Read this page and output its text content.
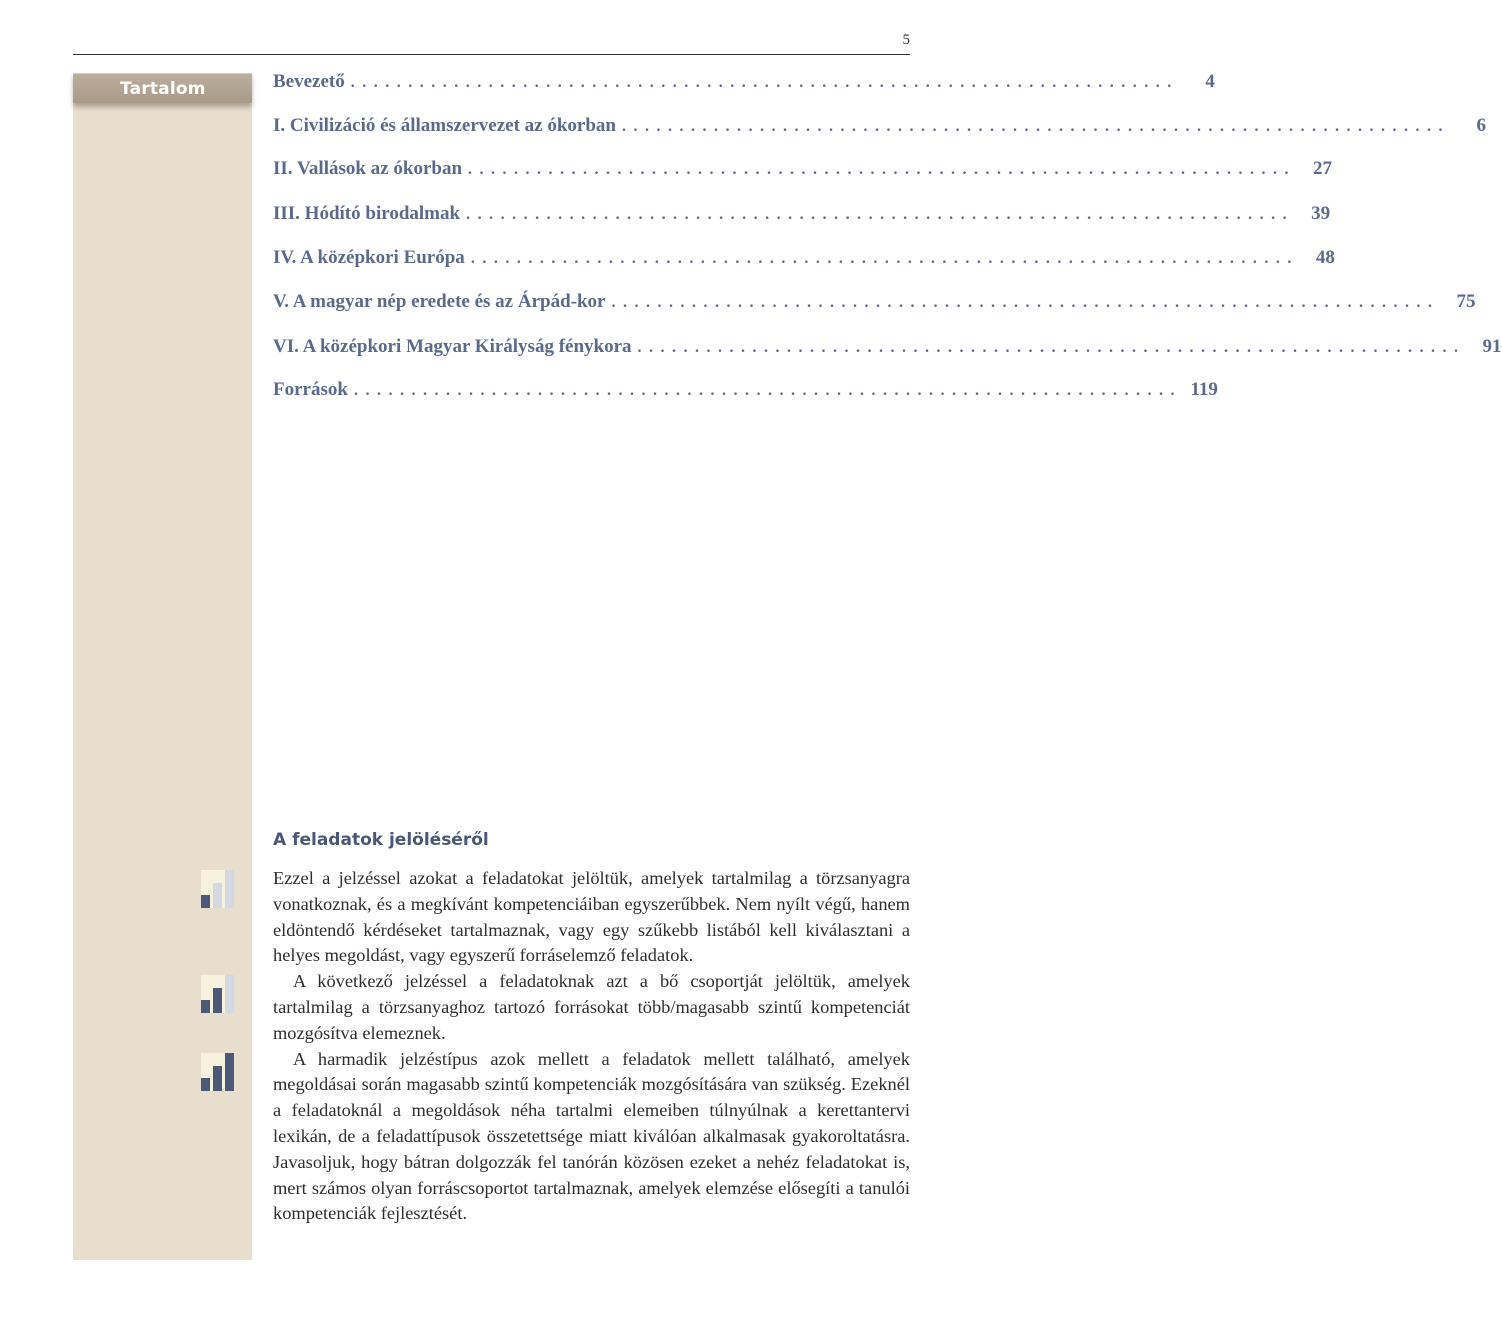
5
Tartalom	Bevezető ........................................................................	4
I. Civilizáció és államszervezet az ókorban ........................................................................	6
II. Vallások az ókorban ........................................................................ 27
III. Hódító birodalmak ........................................................................ 39
IV. A középkori Európa ........................................................................ 48
V. A magyar nép eredete és az Árpád-kor ........................................................................ 75
VI. A középkori Magyar Királyság fénykora ........................................................................ 91
Források ........................................................................ 119
A feladatok jelöléséről

Ezzel a jelzéssel azokat a feladatokat jelöltük, amelyek tartalmilag a törzsanyagra vonatkoznak, és a megkívánt kompetenciáiban egyszerűbbek. Nem nyílt végű, hanem eldöntendő kérdéseket tartalmaznak, vagy egy szűkebb listából kell kiválasztani a helyes megoldást, vagy egyszerű forráselemző feladatok.

A következő jelzéssel a feladatoknak azt a bő csoportját jelöltük, amelyek tartalmilag a törzsanyaghoz tartozó forrásokat több/magasabb szintű kompetenciát mozgósítva elemeznek.

A harmadik jelzéstípus azok mellett a feladatok mellett található, amelyek megoldásai során magasabb szintű kompetenciák mozgósítására van szükség. Ezeknél a feladatoknál a megoldások néha tartalmi elemeiben túlnyúlnak a kerettantervi lexikán, de a feladattípusok összetettsége miatt kiválóan alkalmasak gyakoroltatásra. Javasoljuk, hogy bátran dolgozzák fel tanórán közösen ezeket a nehéz feladatokat is, mert számos olyan forráscsoportot tartalmaznak, amelyek elemzése elősegíti a tanulói kompetenciák fejlesztését.
